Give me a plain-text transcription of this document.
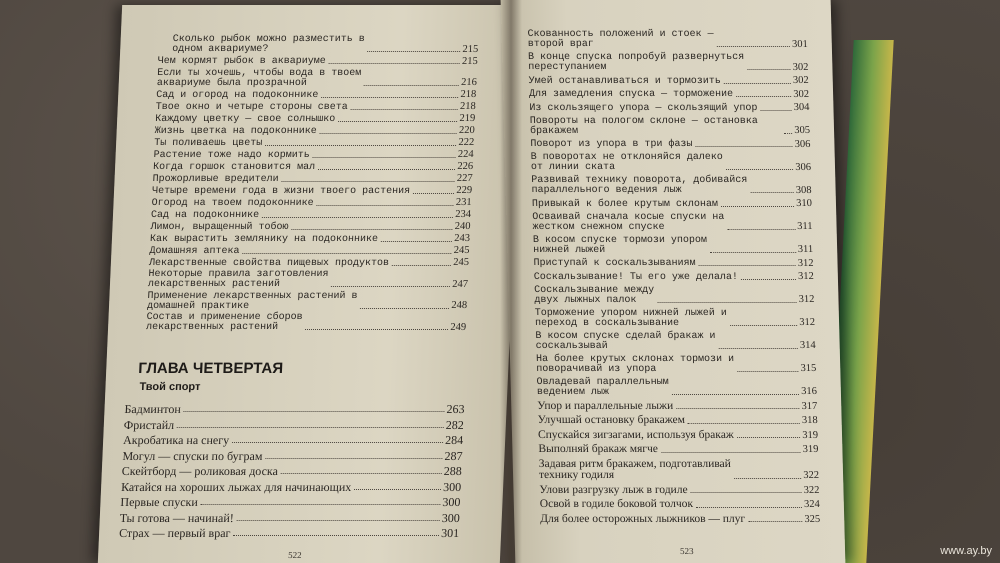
Сколько рыбок можно разместить в
одном аквариуме?	215
Чем кормят рыбок в аквариуме	215
Если ты хочешь, чтобы вода в твоем
аквариуме была прозрачной	216
Сад и огород на подоконнике	218
Твое окно и четыре стороны света	218
Каждому цветку — свое солнышко	219
Жизнь цветка на подоконнике	220
Ты поливаешь цветы	222
Растение тоже надо кормить	224
Когда горшок становится мал	226
Прожорливые вредители	227
Четыре времени года в жизни твоего растения	229
Огород на твоем подоконнике	231
Сад на подоконнике	234
Лимон, выращенный тобою	240
Как вырастить землянику на подоконнике	243
Домашняя аптека	245
Лекарственные свойства пищевых продуктов	245
Некоторые правила заготовления
лекарственных растений	247
Применение лекарственных растений в
домашней практике	248
Состав и применение сборов
лекарственных растений	249
ГЛАВА ЧЕТВЕРТАЯ
Твой спорт
Бадминтон	263
Фристайл	282
Акробатика на снегу	284
Могул — спуски по буграм	287
Скейтборд — роликовая доска	288
Катайся на хороших лыжах для начинающих	300
Первые спуски	300
Ты готова — начинай!	300
Страх — первый враг	301
522
Скованность положений и стоек —
второй враг	301
В конце спуска попробуй развернуться
переступанием	302
Умей останавливаться и тормозить	302
Для замедления спуска — торможение	302
Из скользящего упора — скользящий упор	304
Повороты на пологом склоне — остановка бракажем	305
Поворот из упора в три фазы	306
В поворотах не отклоняйся далеко
от линии ската	306
Развивай технику поворота, добивайся
параллельного ведения лыж	308
Привыкай к более крутым склонам	310
Осваивай сначала косые спуски на
жестком снежном спуске	311
В косом спуске тормози упором
нижней лыжей	311
Приступай к соскальзываниям	312
Соскальзывание! Ты его уже делала!	312
Соскальзывание между
двух лыжных палок	312
Торможение упором нижней лыжей и
переход в соскальзывание	312
В косом спуске сделай бракаж и
соскальзывай	314
На более крутых склонах тормози и
поворачивай из упора	315
Овладевай параллельным
ведением лыж	316
Упор и параллельные лыжи	317
Улучшай остановку бракажем	318
Спускайся зигзагами, используя бракаж	319
Выполняй бракаж мягче	319
Задавая ритм бракажем, подготавливай
технику годиля	322
Улови разгрузку лыж в годиле	322
Освой в годиле боковой толчок	324
Для более осторожных лыжников — плуг	325
523	www.ay.by
